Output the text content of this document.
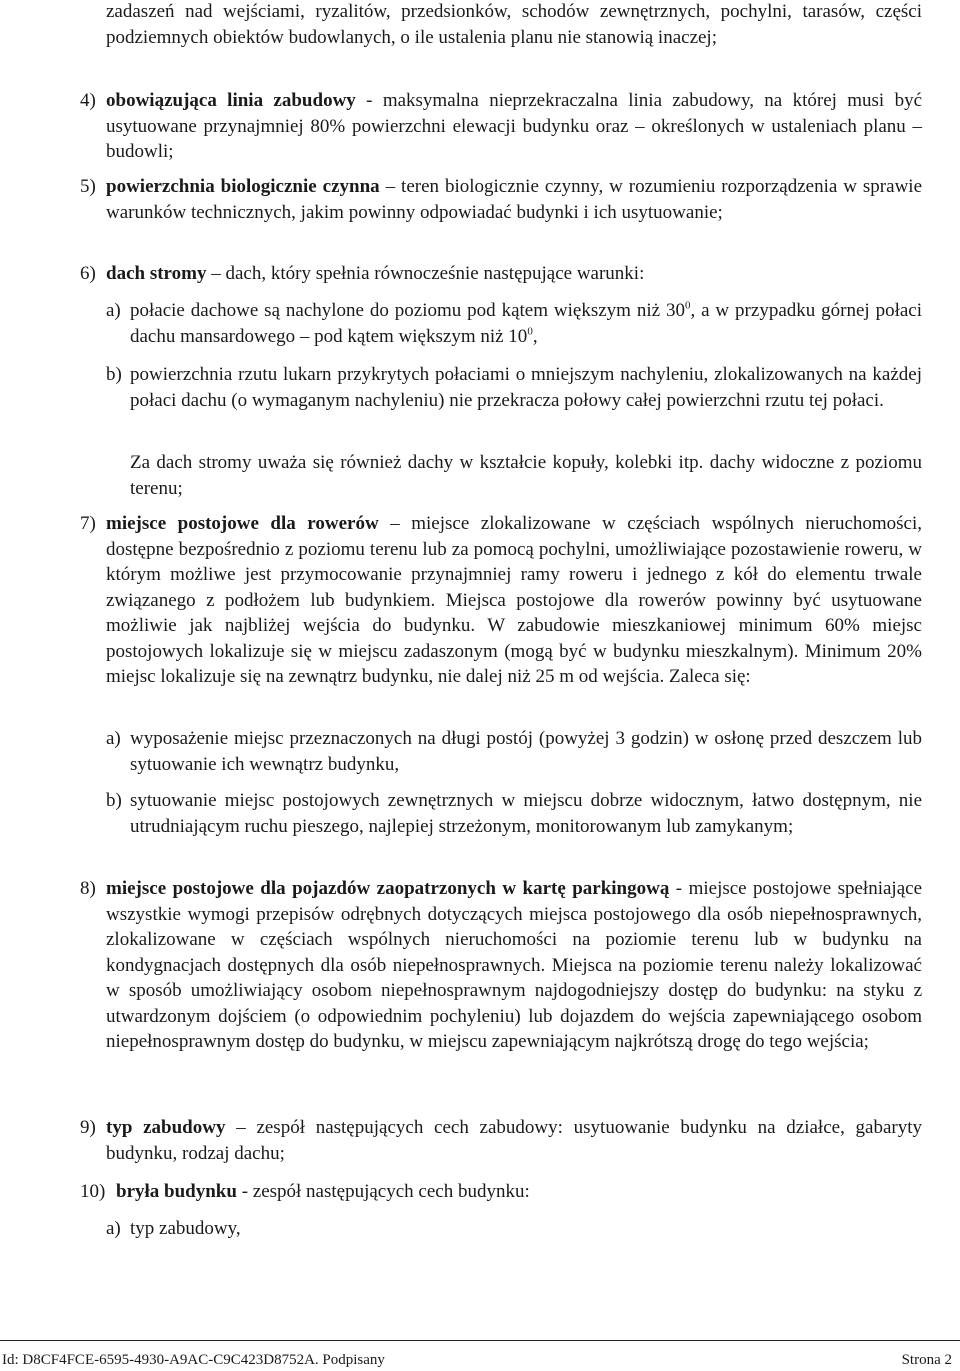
zadaszeń nad wejściami, ryzalitów, przedsionków, schodów zewnętrznych, pochylni, tarasów, części podziemnych obiektów budowlanych, o ile ustalenia planu nie stanowią inaczej;

4) obowiązująca linia zabudowy - maksymalna nieprzekraczalna linia zabudowy, na której musi być usytuowane przynajmniej 80% powierzchni elewacji budynku oraz – określonych w ustaleniach planu – budowli;

5) powierzchnia biologicznie czynna – teren biologicznie czynny, w rozumieniu rozporządzenia w sprawie warunków technicznych, jakim powinny odpowiadać budynki i ich usytuowanie;

6) dach stromy – dach, który spełnia równocześnie następujące warunki:

a) połacie dachowe są nachylone do poziomu pod kątem większym niż $30^0$, a w przypadku górnej połaci dachu mansardowego – pod kątem większym niż $10^0$,

b) powierzchnia rzutu lukarn przykrytych połaciami o mniejszym nachyleniu, zlokalizowanych na każdej połaci dachu (o wymaganym nachyleniu) nie przekracza połowy całej powierzchni rzutu tej połaci.

Za dach stromy uważa się również dachy w kształcie kopuły, kolebki itp. dachy widoczne z poziomu terenu;

7) miejsce postojowe dla rowerów – miejsce zlokalizowane w częściach wspólnych nieruchomości, dostępne bezpośrednio z poziomu terenu lub za pomocą pochylni, umożliwiające pozostawienie roweru, w którym możliwe jest przymocowanie przynajmniej ramy roweru i jednego z kół do elementu trwale związanego z podłożem lub budynkiem. Miejsca postojowe dla rowerów powinny być usytuowane możliwie jak najbliżej wejścia do budynku. W zabudowie mieszkaniowej minimum 60% miejsc postojowych lokalizuje się w miejscu zadaszonym (mogą być w budynku mieszkalnym). Minimum 20% miejsc lokalizuje się na zewnątrz budynku, nie dalej niż 25 m od wejścia. Zaleca się:

a) wyposażenie miejsc przeznaczonych na długi postój (powyżej 3 godzin) w osłonę przed deszczem lub sytuowanie ich wewnątrz budynku,

b) sytuowanie miejsc postojowych zewnętrznych w miejscu dobrze widocznym, łatwo dostępnym, nie utrudniającym ruchu pieszego, najlepiej strzeżonym, monitorowanym lub zamykanym;

8) miejsce postojowe dla pojazdów zaopatrzonych w kartę parkingową - miejsce postojowe spełniające wszystkie wymogi przepisów odrębnych dotyczących miejsca postojowego dla osób niepełnosprawnych, zlokalizowane w częściach wspólnych nieruchomości na poziomie terenu lub w budynku na kondygnacjach dostępnych dla osób niepełnosprawnych. Miejsca na poziomie terenu należy lokalizować w sposób umożliwiający osobom niepełnosprawnym najdogodniejszy dostęp do budynku: na styku z utwardzonym dojściem (o odpowiednim pochyleniu) lub dojazdem do wejścia zapewniającego osobom niepełnosprawnym dostęp do budynku, w miejscu zapewniającym najkrótszą drogę do tego wejścia;

9) typ zabudowy – zespół następujących cech zabudowy: usytuowanie budynku na działce, gabaryty budynku, rodzaj dachu;

10) bryła budynku - zespół następujących cech budynku:

a) typ zabudowy,

Id: D8CF4FCE-6595-4930-A9AC-C9C423D8752A. Podpisany	Strona 2
